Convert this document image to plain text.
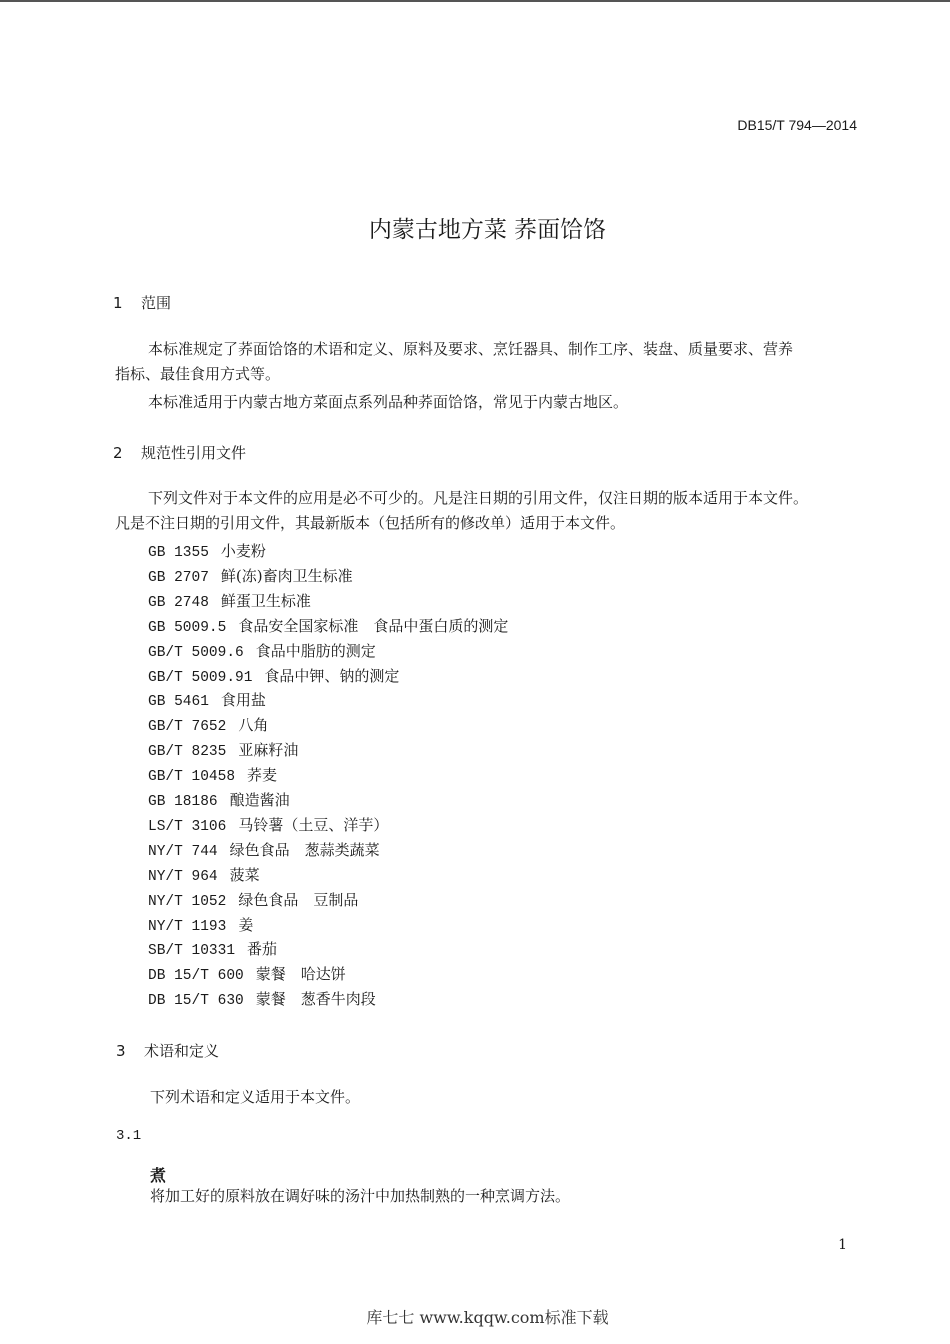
DB15/T 794—2014
内蒙古地方菜 荞面饸饹
1 范围
本标准规定了荞面饸饹的术语和定义、原料及要求、烹饪器具、制作工序、装盘、质量要求、营养
指标、最佳食用方式等。
本标准适用于内蒙古地方菜面点系列品种荞面饸饹，常见于内蒙古地区。
2 规范性引用文件
下列文件对于本文件的应用是必不可少的。凡是注日期的引用文件，仅注日期的版本适用于本文件。
凡是不注日期的引用文件，其最新版本（包括所有的修改单）适用于本文件。
GB 1355 小麦粉
GB 2707 鲜(冻)畜肉卫生标准
GB 2748 鲜蛋卫生标准
GB 5009.5 食品安全国家标准　食品中蛋白质的测定
GB/T 5009.6 食品中脂肪的测定
GB/T 5009.91 食品中钾、钠的测定
GB 5461 食用盐
GB/T 7652 八角
GB/T 8235 亚麻籽油
GB/T 10458 荞麦
GB 18186 酿造酱油
LS/T 3106 马铃薯（土豆、洋芋）
NY/T 744 绿色食品　葱蒜类蔬菜
NY/T 964 菠菜
NY/T 1052 绿色食品　豆制品
NY/T 1193 姜
SB/T 10331 番茄
DB 15/T 600 蒙餐　哈达饼
DB 15/T 630 蒙餐　葱香牛肉段
3 术语和定义
下列术语和定义适用于本文件。
3.1
煮
将加工好的原料放在调好味的汤汁中加热制熟的一种烹调方法。
1
库七七 www.kqqw.com标准下载
